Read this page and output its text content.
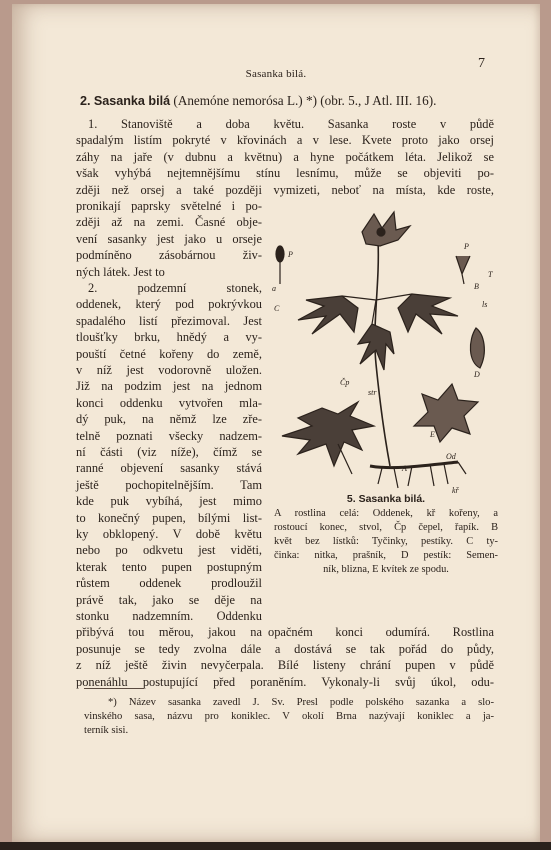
Sasanka bilá.
7
2. Sasanka bilá (Anemóne nemorósa L.) *) (obr. 5., J Atl. III. 16).
1. Stanoviště a doba květu. Sasanka roste v půdě
spadalým listím pokryté v křovinách a v lese. Kvete proto jako orsej
záhy na jaře (v dubnu a květnu) a hyne počátkem léta. Jelikož se
však vyhýbá nejtemnějšímu stínu lesnímu, může se objeviti po-
zději než orsej a také později vymizeti, neboť na místa, kde roste,
pronikají paprsky světelné i po-
zději až na zemi. Časné obje-
vení sasanky jest jako u orseje
podmíněno zásobárnou živ-
ných látek. Jest to
2. podzemní stonek,
oddenek, který pod pokrývkou
spadalého listí přezimoval. Jest
tloušťky brku, hnědý a vy-
pouští četné kořeny do země,
v níž jest vodorovně uložen.
Již na podzim jest na jednom
konci oddenku vytvořen mla-
dý puk, na němž lze zře-
telně poznati všecky nadzem-
ní části (viz níže), čímž se
ranné objevení sasanky stává
ještě pochopitelnějším. Tam
kde puk vybíhá, jest mimo
to konečný pupen, bílými list-
ky obklopený. V době květu
nebo po odkvetu jest viděti,
kterak tento pupen postupným
růstem oddenek prodloužil
právě tak, jako se děje na
stonku nadzemním. Oddenku
přibývá tou měrou, jakou na opačném konci odumírá. Rostlina
posunuje se tedy zvolna dále a dostává se tak pořád do půdy,
z níž ještě živin nevyčerpala. Bílé listeny chrání pupen v půdě
ponenáhlu postupující před poraněním. Vykonaly-li svůj úkol, odu-
P
a
C
T
B
ls
D
Čp
str
E
Od
A
kř
P
5. Sasanka bilá.
A rostlina celá: Oddenek, kř kořeny, a
rostoucí konec, stvol, Čp čepel, řapík. B
květ bez lístků: Tyčinky, pestíky. C ty-
činka: nitka, prašník, D pestík: Semen-
ník, blizna, E kvítek ze spodu.
*) Název sasanka zavedl J. Sv. Presl podle polského sazanka a slo-
vinského sasa, názvu pro koniklec. V okolí Brna nazývají koniklec a ja-
terník sisi.
